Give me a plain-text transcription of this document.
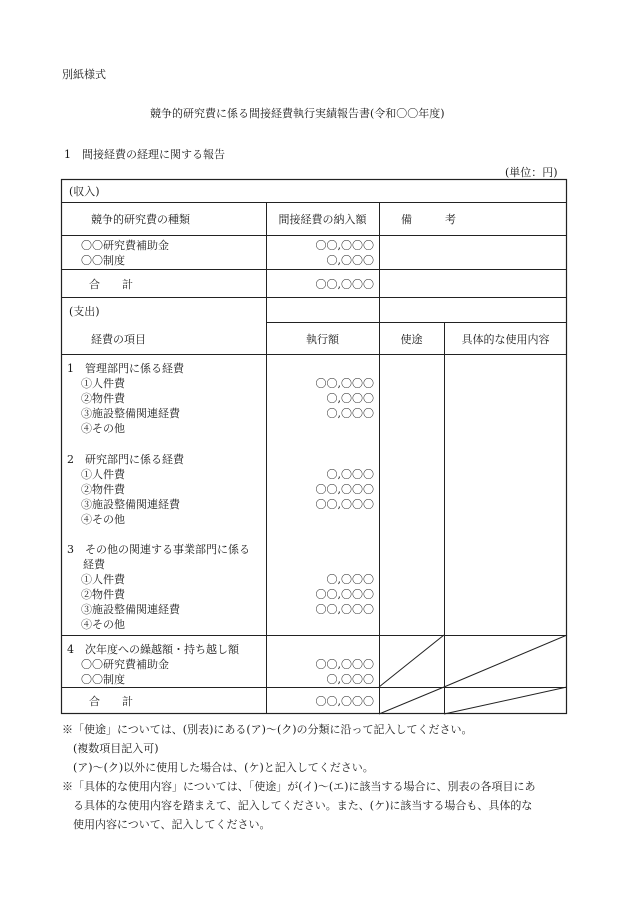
別紙様式
競争的研究費に係る間接経費執行実績報告書(令和〇〇年度)
1　間接経費の経理に関する報告
(単位：円)
(収入)
競争的研究費の種類	間接経費の納入額	備　　　考
〇〇研究費補助金	〇〇,〇〇〇
〇〇制度	〇,〇〇〇
合　　計	〇〇,〇〇〇
(支出)
経費の項目	執行額	使途	具体的な使用内容
1　管理部門に係る経費
①人件費	〇〇,〇〇〇
②物件費	〇,〇〇〇
③施設整備関連経費	〇,〇〇〇
④その他
2　研究部門に係る経費
①人件費	〇,〇〇〇
②物件費	〇〇,〇〇〇
③施設整備関連経費	〇〇,〇〇〇
④その他
3　その他の関連する事業部門に係る
経費
①人件費	〇,〇〇〇
②物件費	〇〇,〇〇〇
③施設整備関連経費	〇〇,〇〇〇
④その他
4　次年度への繰越額・持ち越し額
〇〇研究費補助金	〇〇,〇〇〇
〇〇制度	〇,〇〇〇
合　　計	〇〇,〇〇〇
※「使途」については、(別表)にある(ア)～(ク)の分類に沿って記入してください。
　(複数項目記入可)
　(ア)～(ク)以外に使用した場合は、(ケ)と記入してください。
※「具体的な使用内容」については、「使途」が(イ)～(エ)に該当する場合に、別表の各項目にあ
　る具体的な使用内容を踏まえて、記入してください。また、(ケ)に該当する場合も、具体的な
　使用内容について、記入してください。
